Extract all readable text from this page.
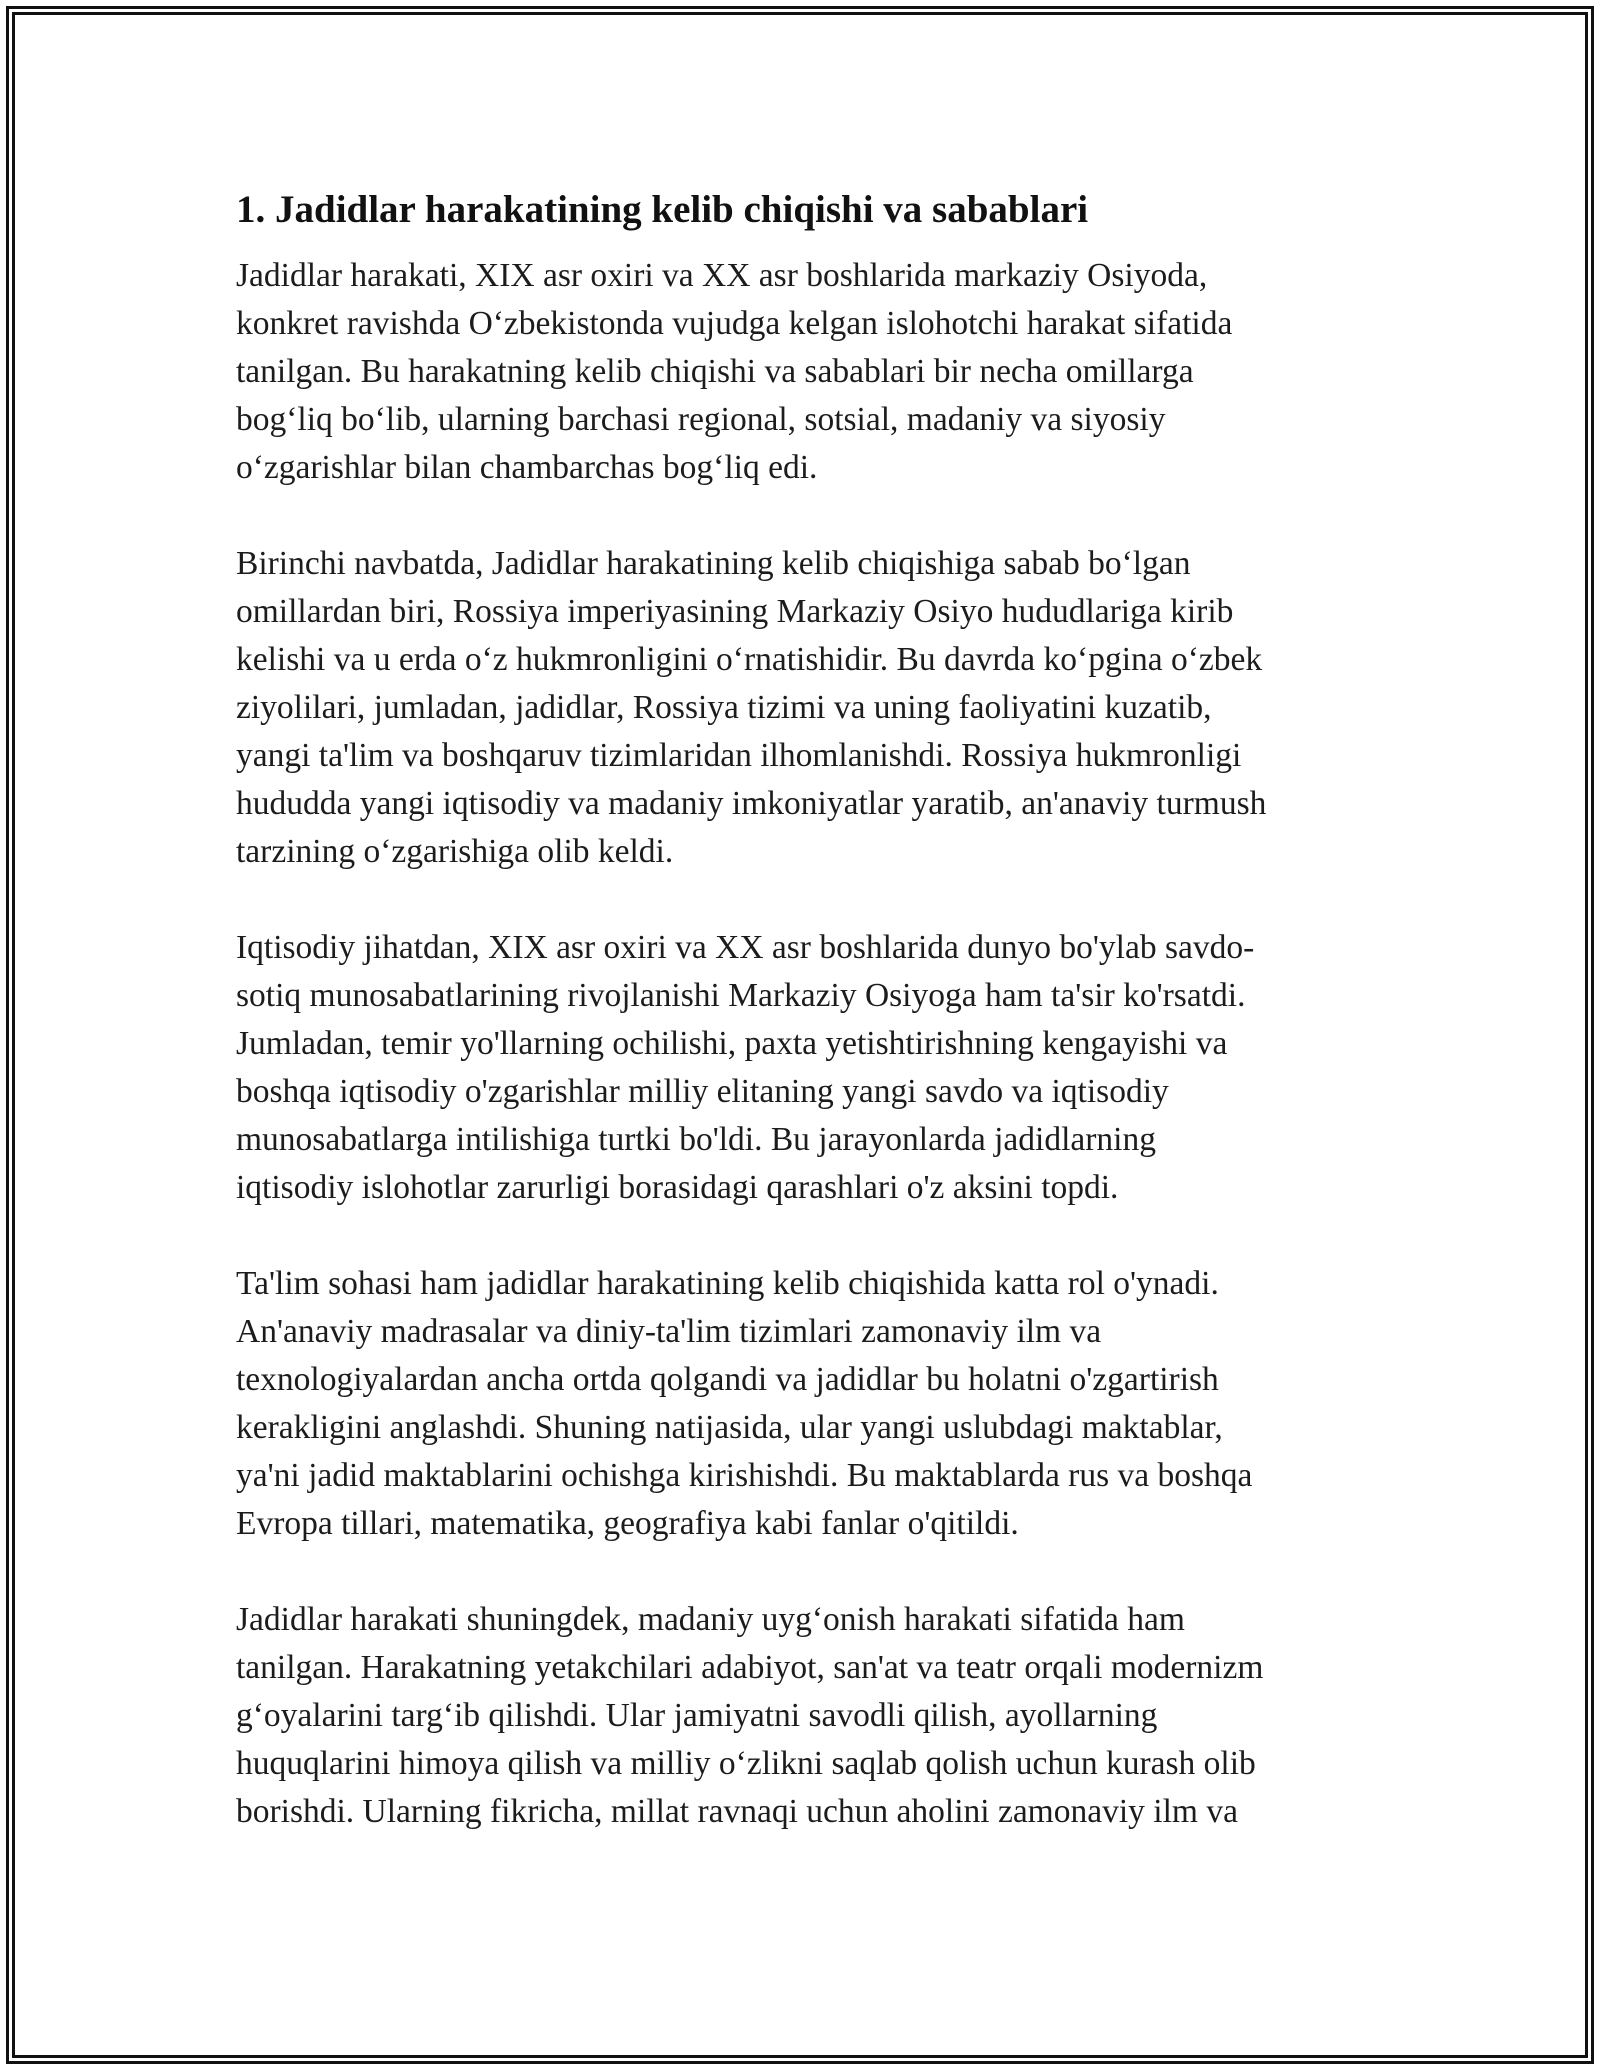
1. Jadidlar harakatining kelib chiqishi va sabablari

Jadidlar harakati, XIX asr oxiri va XX asr boshlarida markaziy Osiyoda,
konkret ravishda O‘zbekistonda vujudga kelgan islohotchi harakat sifatida
tanilgan. Bu harakatning kelib chiqishi va sabablari bir necha omillarga
bog‘liq bo‘lib, ularning barchasi regional, sotsial, madaniy va siyosiy
o‘zgarishlar bilan chambarchas bog‘liq edi.

Birinchi navbatda, Jadidlar harakatining kelib chiqishiga sabab bo‘lgan
omillardan biri, Rossiya imperiyasining Markaziy Osiyo hududlariga kirib
kelishi va u erda o‘z hukmronligini o‘rnatishidir. Bu davrda ko‘pgina o‘zbek
ziyolilari, jumladan, jadidlar, Rossiya tizimi va uning faoliyatini kuzatib,
yangi ta'lim va boshqaruv tizimlaridan ilhomlanishdi. Rossiya hukmronligi
hududda yangi iqtisodiy va madaniy imkoniyatlar yaratib, an'anaviy turmush
tarzining o‘zgarishiga olib keldi.

Iqtisodiy jihatdan, XIX asr oxiri va XX asr boshlarida dunyo bo'ylab savdo-
sotiq munosabatlarining rivojlanishi Markaziy Osiyoga ham ta'sir ko'rsatdi.
Jumladan, temir yo'llarning ochilishi, paxta yetishtirishning kengayishi va
boshqa iqtisodiy o'zgarishlar milliy elitaning yangi savdo va iqtisodiy
munosabatlarga intilishiga turtki bo'ldi. Bu jarayonlarda jadidlarning
iqtisodiy islohotlar zarurligi borasidagi qarashlari o'z aksini topdi.

Ta'lim sohasi ham jadidlar harakatining kelib chiqishida katta rol o'ynadi.
An'anaviy madrasalar va diniy-ta'lim tizimlari zamonaviy ilm va
texnologiyalardan ancha ortda qolgandi va jadidlar bu holatni o'zgartirish
kerakligini anglashdi. Shuning natijasida, ular yangi uslubdagi maktablar,
ya'ni jadid maktablarini ochishga kirishishdi. Bu maktablarda rus va boshqa
Evropa tillari, matematika, geografiya kabi fanlar o'qitildi.

Jadidlar harakati shuningdek, madaniy uyg‘onish harakati sifatida ham
tanilgan. Harakatning yetakchilari adabiyot, san'at va teatr orqali modernizm
g‘oyalarini targ‘ib qilishdi. Ular jamiyatni savodli qilish, ayollarning
huquqlarini himoya qilish va milliy o‘zlikni saqlab qolish uchun kurash olib
borishdi. Ularning fikricha, millat ravnaqi uchun aholini zamonaviy ilm va
